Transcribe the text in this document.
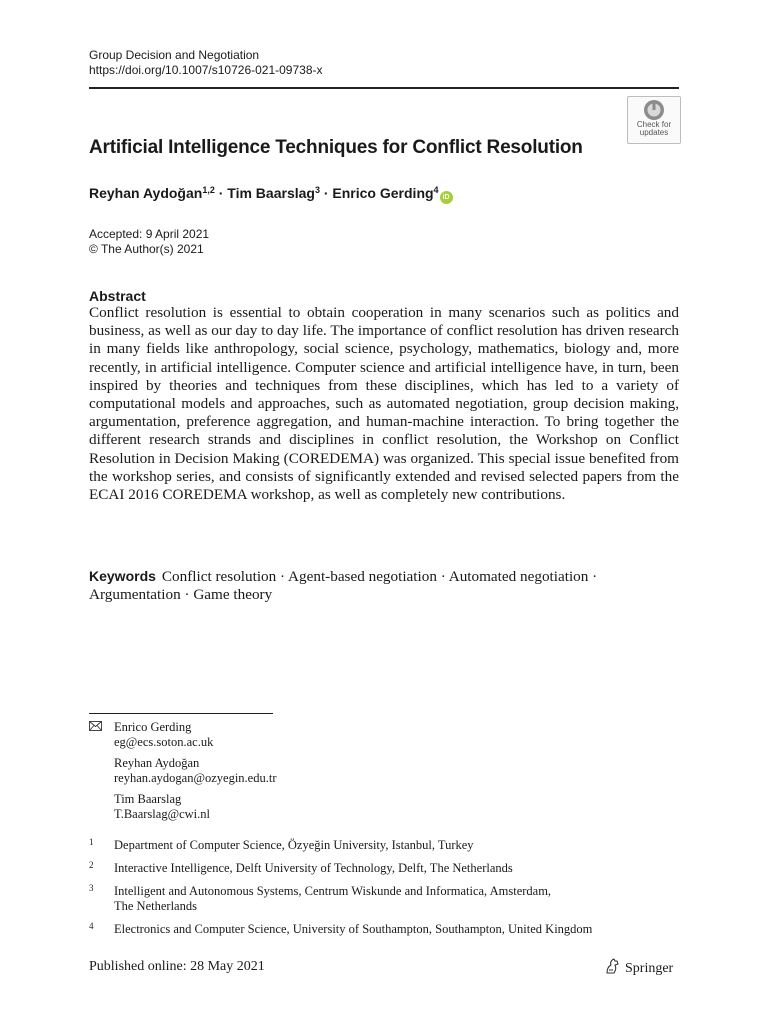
Group Decision and Negotiation
https://doi.org/10.1007/s10726-021-09738-x
Check for
updates
Artificial Intelligence Techniques for Conflict Resolution
Reyhan Aydoğan$^{1,2}$ · Tim Baarslag$^3$ · Enrico Gerding$^4$iD
Accepted: 9 April 2021
© The Author(s) 2021
Abstract
Conflict resolution is essential to obtain cooperation in many scenarios such as politics and business, as well as our day to day life. The importance of conflict resolution has driven research in many fields like anthropology, social science, psychology, mathematics, biology and, more recently, in artificial intelligence. Computer science and artificial intelligence have, in turn, been inspired by theories and techniques from these disciplines, which has led to a variety of computational models and approaches, such as automated negotiation, group decision making, argumentation, preference aggregation, and human-machine interaction. To bring together the different research strands and disciplines in conflict resolution, the Workshop on Conflict Resolution in Decision Making (COREDEMA) was organized. This special issue benefited from the workshop series, and consists of significantly extended and revised selected papers from the ECAI 2016 COREDEMA workshop, as well as completely new contributions.
Keywords Conflict resolution · Agent-based negotiation · Automated negotiation · Argumentation · Game theory
Enrico Gerding
eg@ecs.soton.ac.uk
Reyhan Aydoğan
reyhan.aydogan@ozyegin.edu.tr
Tim Baarslag
T.Baarslag@cwi.nl
1 Department of Computer Science, Özyeğin University, Istanbul, Turkey
2 Interactive Intelligence, Delft University of Technology, Delft, The Netherlands
3 Intelligent and Autonomous Systems, Centrum Wiskunde and Informatica, Amsterdam,
The Netherlands
4 Electronics and Computer Science, University of Southampton, Southampton, United Kingdom
Published online: 28 May 2021	Springer
